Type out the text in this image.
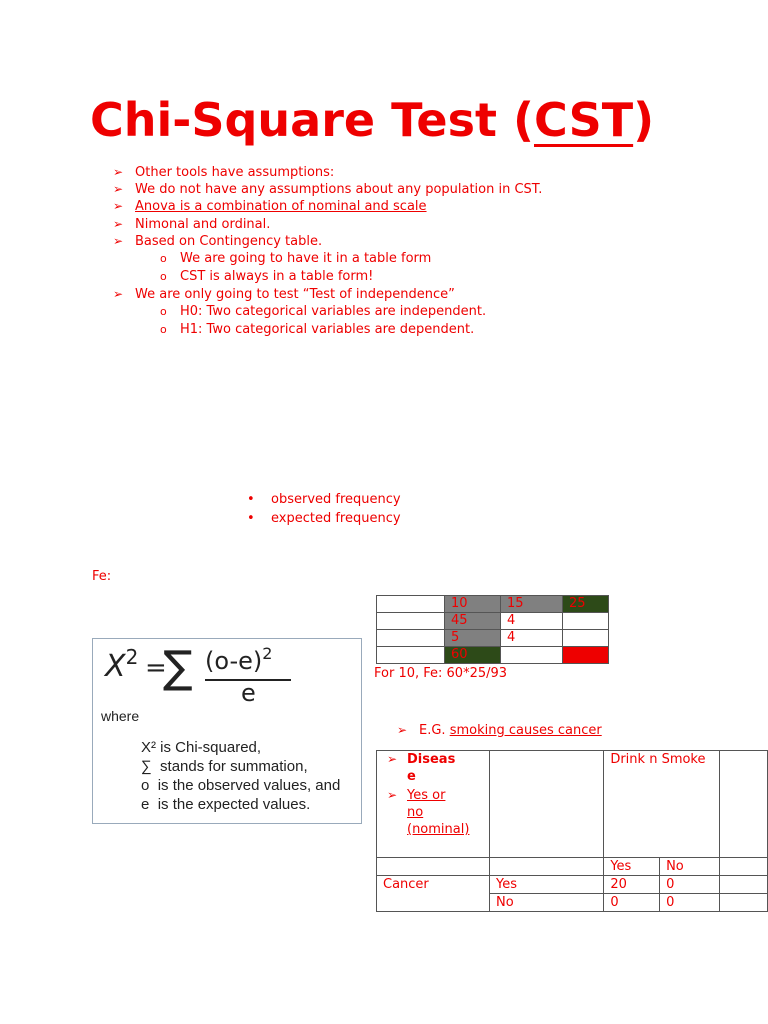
Chi-Square Test (CST)
➢ Other tools have assumptions:
➢ We do not have any assumptions about any population in CST.
➢ Anova is a combination of nominal and scale
➢ Nimonal and ordinal.
➢ Based on Contingency table.
o We are going to have it in a table form
o CST is always in a table form!
➢ We are only going to test “Test of independence”
o H0: Two categorical variables are independent.
o H1: Two categorical variables are dependent.
• observed frequency
• expected frequency
Fe:
	10	15	25
	45	4	
	5	4	
	60		
For 10, Fe: 60*25/93
$X^2$ =
∑ $(o-e)^2$
e
where
X² is Chi-squared,
∑ stands for summation,
o is the observed values, and
e is the expected values.
➢ E.G. smoking causes cancer
➢ Diseas e
➢ Yes or no (nominal)		Drink n Smoke		
		Yes	No	
Cancer	Yes	20	0	
	No	0	0	
